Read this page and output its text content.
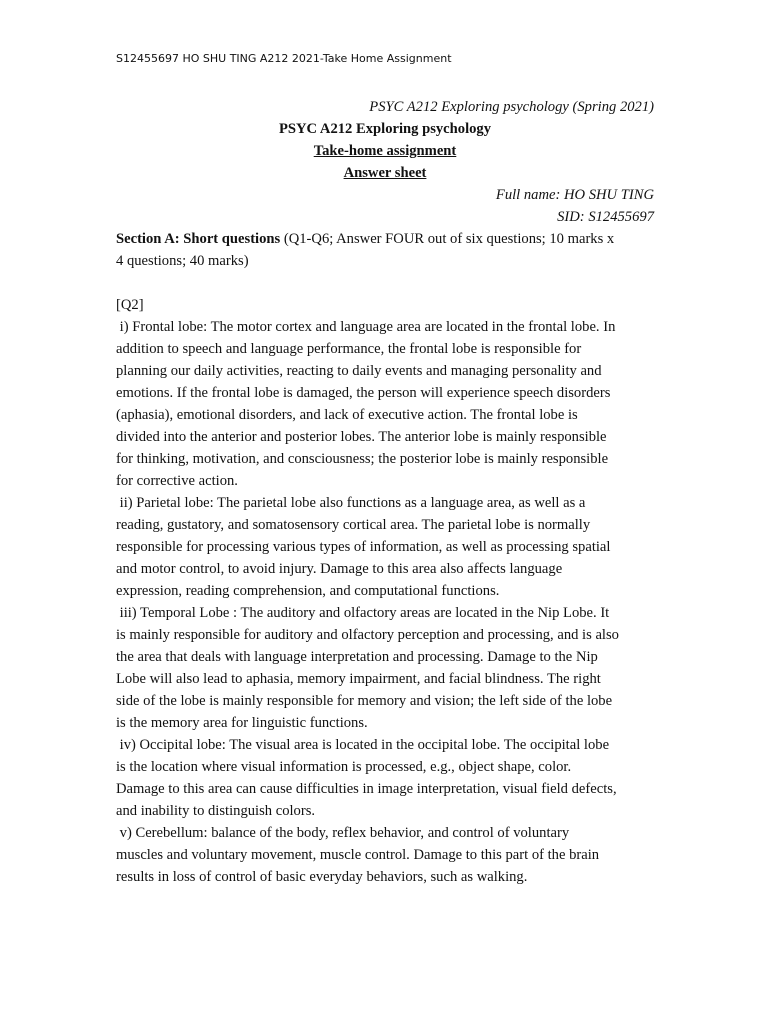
S12455697 HO SHU TING A212 2021-Take Home Assignment
PSYC A212 Exploring psychology (Spring 2021)
PSYC A212 Exploring psychology
Take-home assignment
Answer sheet
Full name: HO SHU TING
SID: S12455697
Section A: Short questions (Q1-Q6; Answer FOUR out of six questions; 10 marks x
4 questions; 40 marks)
[Q2]
i) Frontal lobe: The motor cortex and language area are located in the frontal lobe. In
addition to speech and language performance, the frontal lobe is responsible for
planning our daily activities, reacting to daily events and managing personality and
emotions. If the frontal lobe is damaged, the person will experience speech disorders
(aphasia), emotional disorders, and lack of executive action. The frontal lobe is
divided into the anterior and posterior lobes. The anterior lobe is mainly responsible
for thinking, motivation, and consciousness; the posterior lobe is mainly responsible
for corrective action.
ii) Parietal lobe: The parietal lobe also functions as a language area, as well as a
reading, gustatory, and somatosensory cortical area. The parietal lobe is normally
responsible for processing various types of information, as well as processing spatial
and motor control, to avoid injury. Damage to this area also affects language
expression, reading comprehension, and computational functions.
iii) Temporal Lobe : The auditory and olfactory areas are located in the Nip Lobe. It
is mainly responsible for auditory and olfactory perception and processing, and is also
the area that deals with language interpretation and processing. Damage to the Nip
Lobe will also lead to aphasia, memory impairment, and facial blindness. The right
side of the lobe is mainly responsible for memory and vision; the left side of the lobe
is the memory area for linguistic functions.
iv) Occipital lobe: The visual area is located in the occipital lobe. The occipital lobe
is the location where visual information is processed, e.g., object shape, color.
Damage to this area can cause difficulties in image interpretation, visual field defects,
and inability to distinguish colors.
v) Cerebellum: balance of the body, reflex behavior, and control of voluntary
muscles and voluntary movement, muscle control. Damage to this part of the brain
results in loss of control of basic everyday behaviors, such as walking.
